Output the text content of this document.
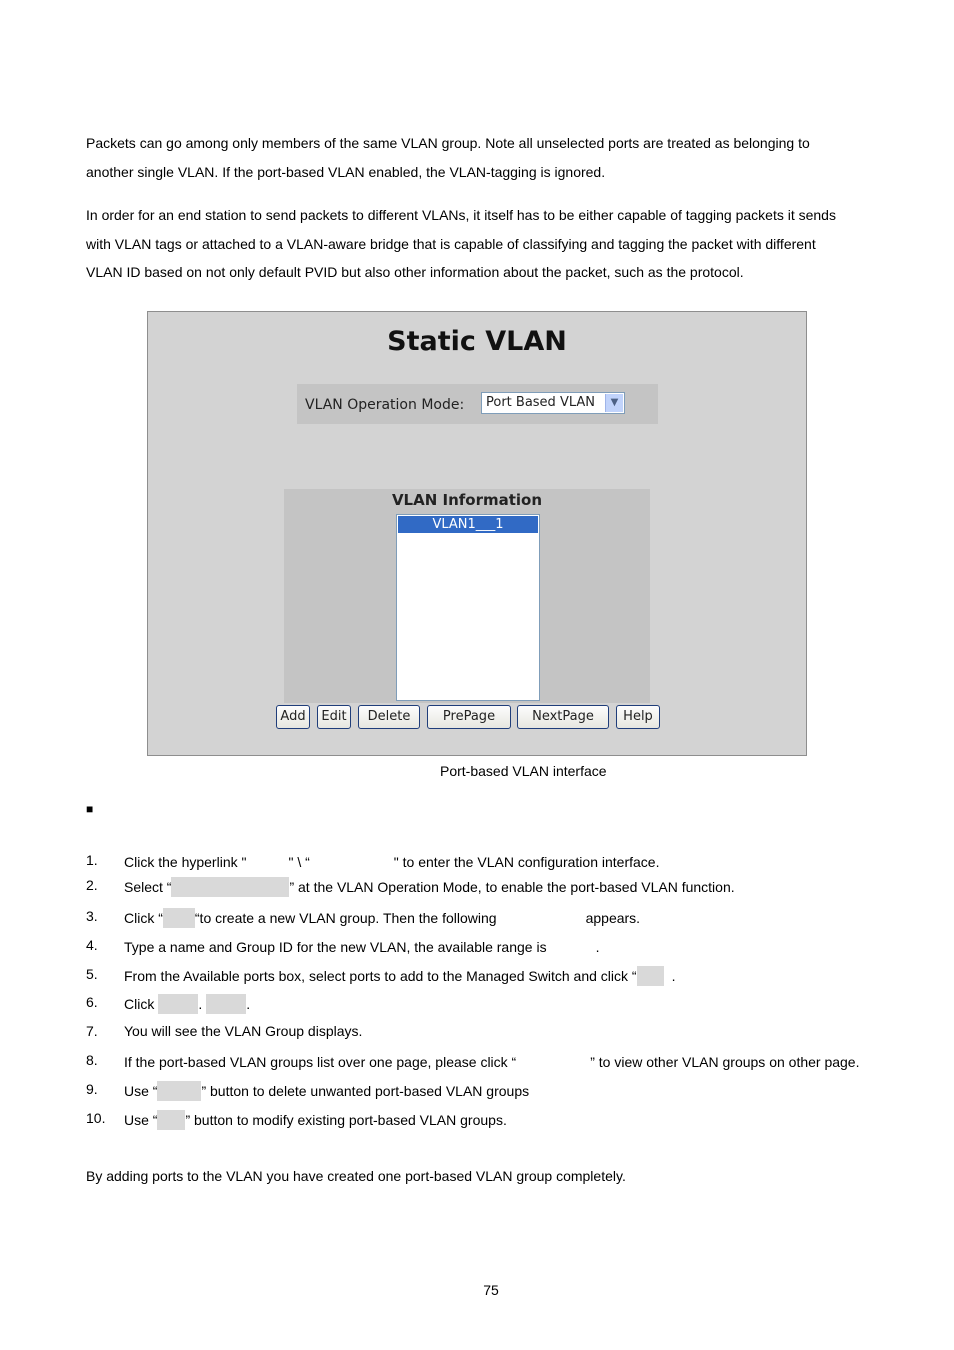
Packets can go among only members of the same VLAN group. Note all unselected ports are treated as belonging to
another single VLAN. If the port-based VLAN enabled, the VLAN-tagging is ignored.

In order for an end station to send packets to different VLANs, it itself has to be either capable of tagging packets it sends
with VLAN tags or attached to a VLAN-aware bridge that is capable of classifying and tagging the packet with different
VLAN ID based on not only default PVID but also other information about the packet, such as the protocol.

Static VLAN
VLAN Operation Mode: Port Based VLAN	▼
VLAN Information
VLAN1___1
Add	Edit	Delete	PrePage	NextPage	Help
Port-based VLAN interface
■
1. Click the hyperlink "	" \ “	" to enter the VLAN configuration interface.
2. Select “	” at the VLAN Operation Mode, to enable the port-based VLAN function.
3. Click “ “to create a new VLAN group. Then the following	appears.
4. Type a name and Group ID for the new VLAN, the available range is	.
5. From the Available ports box, select ports to add to the Managed Switch and click “	.
6. Click	.	.
7. You will see the VLAN Group displays.
8. If the port-based VLAN groups list over one page, please click “	” to view other VLAN groups on other page.
9. Use “	” button to delete unwanted port-based VLAN groups
10. Use “ ” button to modify existing port-based VLAN groups.

By adding ports to the VLAN you have created one port-based VLAN group completely.

75
